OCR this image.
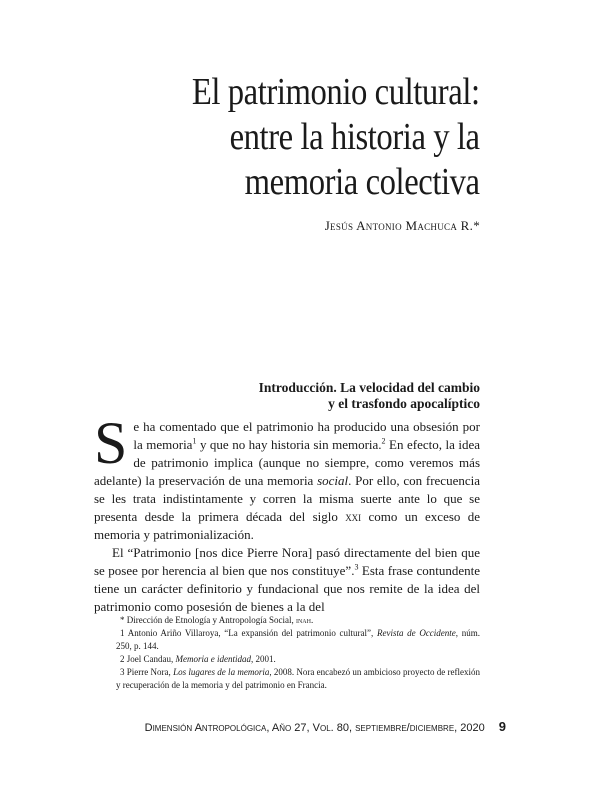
El patrimonio cultural:
entre la historia y la
memoria colectiva
Jesús Antonio Machuca R.*
Introducción. La velocidad del cambio
y el trasfondo apocalíptico

Se ha comentado que el patrimonio ha producido una obsesión por la memoria$^1$ y que no hay historia sin memoria.$^2$ En efecto, la idea de patrimonio implica (aunque no siempre, como veremos más adelante) la preservación de una memoria social. Por ello, con frecuencia se les trata indistintamente y corren la misma suerte ante lo que se presenta desde la primera década del siglo xxi como un exceso de memoria y patrimonialización.

El “Patrimonio [nos dice Pierre Nora] pasó directamente del bien que se posee por herencia al bien que nos constituye”.$^3$ Esta frase contundente tiene un carácter definitorio y fundacional que nos remite de la idea del patrimonio como posesión de bienes a la del

* Dirección de Etnología y Antropología Social, inah.

1 Antonio Ariño Villaroya, “La expansión del patrimonio cultural”, Revista de Occidente, núm. 250, p. 144.

2 Joel Candau, Memoria e identidad, 2001.

3 Pierre Nora, Los lugares de la memoria, 2008. Nora encabezó un ambicioso proyecto de reflexión y recuperación de la memoria y del patrimonio en Francia.

Dimensión Antropológica, Año 27, Vol. 80, septiembre/diciembre, 2020 9
